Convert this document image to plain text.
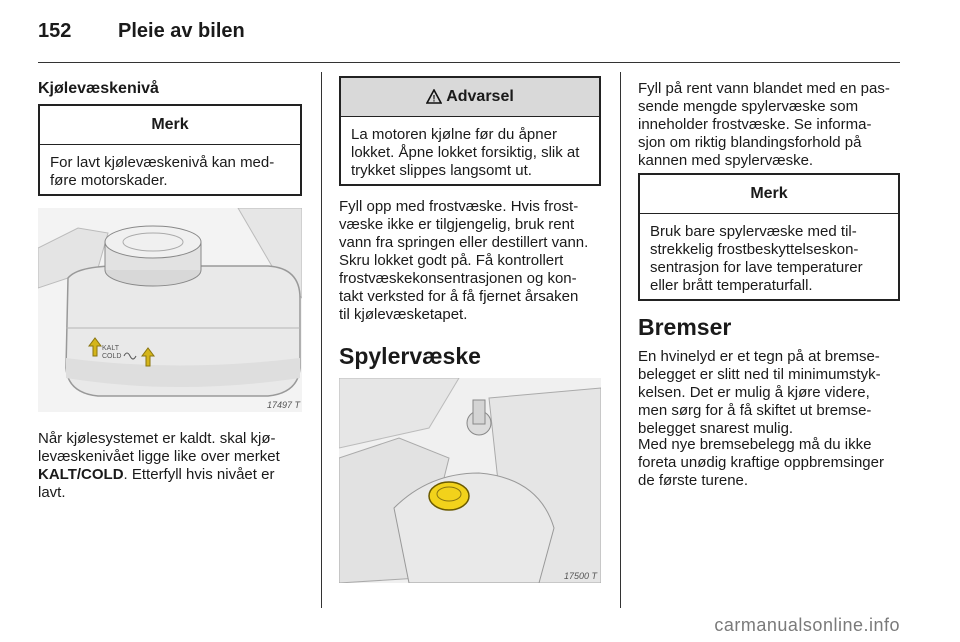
152 Pleie av bilen
Kjølevæskenivå
Merk
For lavt kjølevæskenivå kan med-
føre motorskader.
KALT
COLD
17497 T
Når kjølesystemet er kaldt. skal kjø-
levæskenivået ligge like over merket KALT/COLD. Etterfyll hvis nivået er
lavt.
! Advarsel
La motoren kjølne før du åpner
lokket. Åpne lokket forsiktig, slik at
trykket slippes langsomt ut.
Fyll opp med frostvæske. Hvis frost-
væske ikke er tilgjengelig, bruk rent
vann fra springen eller destillert vann.
Skru lokket godt på. Få kontrollert
frostvæskekonsentrasjonen og kon-
takt verksted for å få fjernet årsaken
til kjølevæsketapet.
Spylervæske
17500 T
Fyll på rent vann blandet med en pas-
sende mengde spylervæske som
inneholder frostvæske. Se informa-
sjon om riktig blandingsforhold på
kannen med spylervæske.
Merk
Bruk bare spylervæske med til-
strekkelig frostbeskyttelseskon-
sentrasjon for lave temperaturer
eller brått temperaturfall.
Bremser
En hvinelyd er et tegn på at bremse-
belegget er slitt ned til minimumstyk-
kelsen. Det er mulig å kjøre videre,
men sørg for å få skiftet ut bremse-
belegget snarest mulig.
Med nye bremsebelegg må du ikke
foreta unødig kraftige oppbremsinger
de første turene.
carmanualsonline.info
